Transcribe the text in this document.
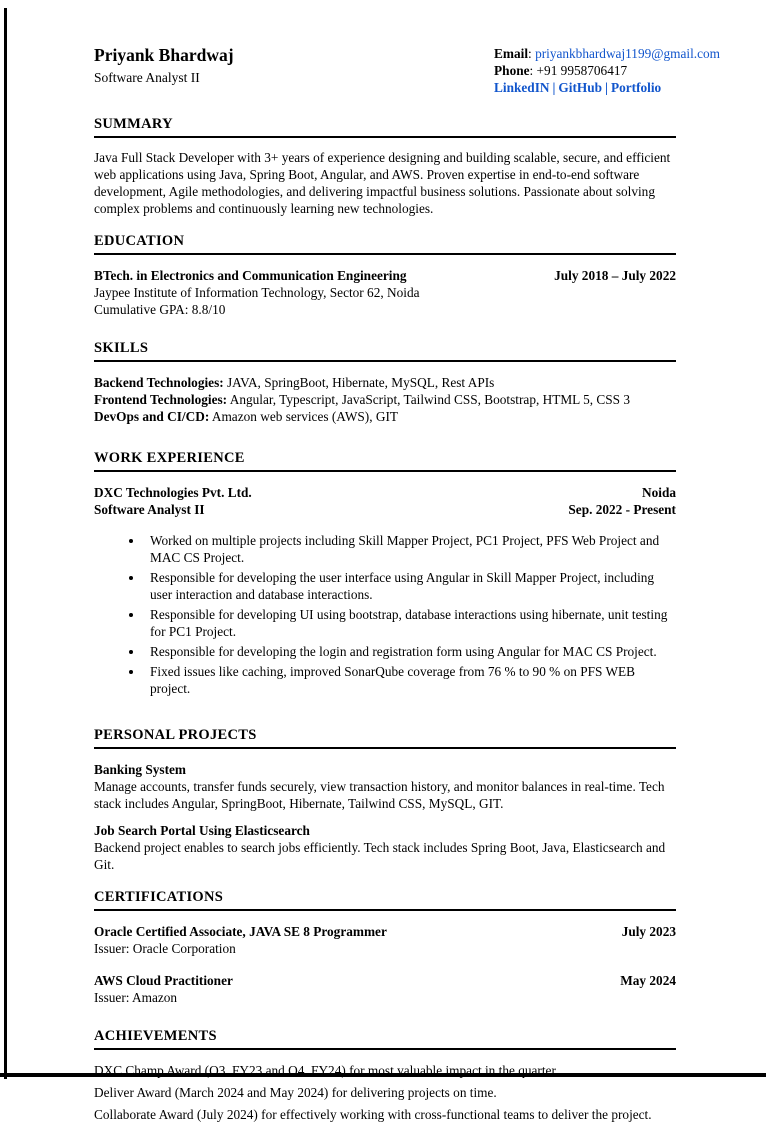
Priyank Bhardwaj
Software Analyst II
Email: priyankbhardwaj1199@gmail.com
Phone: +91 9958706417
LinkedIN | GitHub | Portfolio
SUMMARY
Java Full Stack Developer with 3+ years of experience designing and building scalable, secure, and efficient web applications using Java, Spring Boot, Angular, and AWS. Proven expertise in end-to-end software development, Agile methodologies, and delivering impactful business solutions. Passionate about solving complex problems and continuously learning new technologies.
EDUCATION
BTech. in Electronics and Communication Engineering	July 2018 – July 2022
Jaypee Institute of Information Technology, Sector 62, Noida
Cumulative GPA: 8.8/10
SKILLS
Backend Technologies: JAVA, SpringBoot, Hibernate, MySQL, Rest APIs
Frontend Technologies: Angular, Typescript, JavaScript, Tailwind CSS, Bootstrap, HTML 5, CSS 3
DevOps and CI/CD: Amazon web services (AWS), GIT
WORK EXPERIENCE
DXC Technologies Pvt. Ltd.	Noida
Software Analyst II	Sep. 2022 - Present
• Worked on multiple projects including Skill Mapper Project, PC1 Project, PFS Web Project and MAC CS Project.
• Responsible for developing the user interface using Angular in Skill Mapper Project, including user interaction and database interactions.
• Responsible for developing UI using bootstrap, database interactions using hibernate, unit testing for PC1 Project.
• Responsible for developing the login and registration form using Angular for MAC CS Project.
• Fixed issues like caching, improved SonarQube coverage from 76 % to 90 % on PFS WEB project.
PERSONAL PROJECTS
Banking System
Manage accounts, transfer funds securely, view transaction history, and monitor balances in real-time. Tech stack includes Angular, SpringBoot, Hibernate, Tailwind CSS, MySQL, GIT.
Job Search Portal Using Elasticsearch
Backend project enables to search jobs efficiently. Tech stack includes Spring Boot, Java, Elasticsearch and Git.
CERTIFICATIONS
Oracle Certified Associate, JAVA SE 8 Programmer	July 2023
Issuer: Oracle Corporation
AWS Cloud Practitioner	May 2024
Issuer: Amazon
ACHIEVEMENTS

DXC Champ Award (Q3, FY23 and Q4, FY24) for most valuable impact in the quarter.

Deliver Award (March 2024 and May 2024) for delivering projects on time.

Collaborate Award (July 2024) for effectively working with cross-functional teams to deliver the project.
